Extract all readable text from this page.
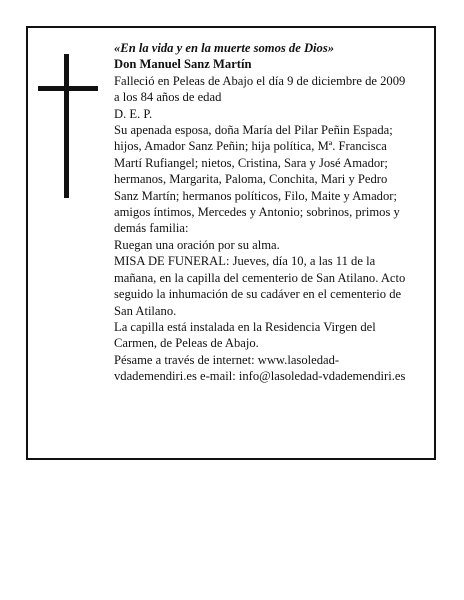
«En la vida y en la muerte somos de Dios»

Don Manuel Sanz Martín

Falleció en Peleas de Abajo el día 9 de diciembre de 2009 a los 84 años de edad

D. E. P.

Su apenada esposa, doña María del Pilar Peñin Espada; hijos, Amador Sanz Peñin; hija política, Mª. Francisca Martí Rufiangel; nietos, Cristina, Sara y José Amador; hermanos, Margarita, Paloma, Conchita, Mari y Pedro Sanz Martín; hermanos políticos, Filo, Maite y Amador; amigos íntimos, Mercedes y Antonio; sobrinos, primos y demás familia:

Ruegan una oración por su alma.

MISA DE FUNERAL: Jueves, día 10, a las 11 de la mañana, en la capilla del cementerio de San Atilano. Acto seguido la inhumación de su cadáver en el cementerio de San Atilano.

La capilla está instalada en la Residencia Virgen del Carmen, de Peleas de Abajo.

Pésame a través de internet: www.lasoledad-vdademendiri.es e-mail: info@lasoledad-vdademendiri.es
